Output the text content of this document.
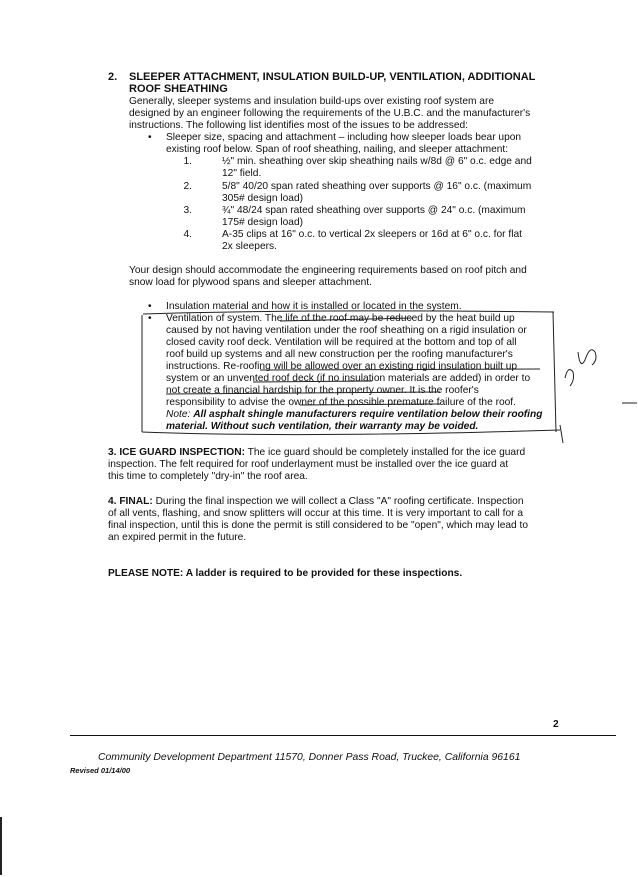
2. SLEEPER ATTACHMENT, INSULATION BUILD-UP, VENTILATION, ADDITIONAL
ROOF SHEATHING
Generally, sleeper systems and insulation build-ups over existing roof system are
designed by an engineer following the requirements of the U.B.C. and the manufacturer's
instructions. The following list identifies most of the issues to be addressed:
• Sleeper size, spacing and attachment – including how sleeper loads bear upon
existing roof below. Span of roof sheathing, nailing, and sleeper attachment:
1.	½" min. sheathing over skip sheathing nails w/8d @ 6" o.c. edge and
12" field.
2.	5/8" 40/20 span rated sheathing over supports @ 16" o.c. (maximum
305# design load)
3.	¾" 48/24 span rated sheathing over supports @ 24" o.c. (maximum
175# design load)
4.	A-35 clips at 16" o.c. to vertical 2x sleepers or 16d at 6" o.c. for flat
2x sleepers.
Your design should accommodate the engineering requirements based on roof pitch and
snow load for plywood spans and sleeper attachment.
• Insulation material and how it is installed or located in the system.
• Ventilation of system. The life of the roof may be reduced by the heat build up
caused by not having ventilation under the roof sheathing on a rigid insulation or
closed cavity roof deck. Ventilation will be required at the bottom and top of all
roof build up systems and all new construction per the roofing manufacturer's
instructions. Re-roofing will be allowed over an existing rigid insulation built up
system or an unvented roof deck (if no insulation materials are added) in order to
not create a financial hardship for the property owner. It is the roofer's
responsibility to advise the owner of the possible premature failure of the roof.
Note: All asphalt shingle manufacturers require ventilation below their roofing
material. Without such ventilation, their warranty may be voided.
3. ICE GUARD INSPECTION: The ice guard should be completely installed for the ice guard
inspection. The felt required for roof underlayment must be installed over the ice guard at
this time to completely "dry-in" the roof area.
4. FINAL: During the final inspection we will collect a Class "A" roofing certificate. Inspection
of all vents, flashing, and snow splitters will occur at this time. It is very important to call for a
final inspection, until this is done the permit is still considered to be "open", which may lead to
an expired permit in the future.
PLEASE NOTE: A ladder is required to be provided for these inspections.
2
Community Development Department 11570, Donner Pass Road, Truckee, California 96161
Revised 01/14/00
